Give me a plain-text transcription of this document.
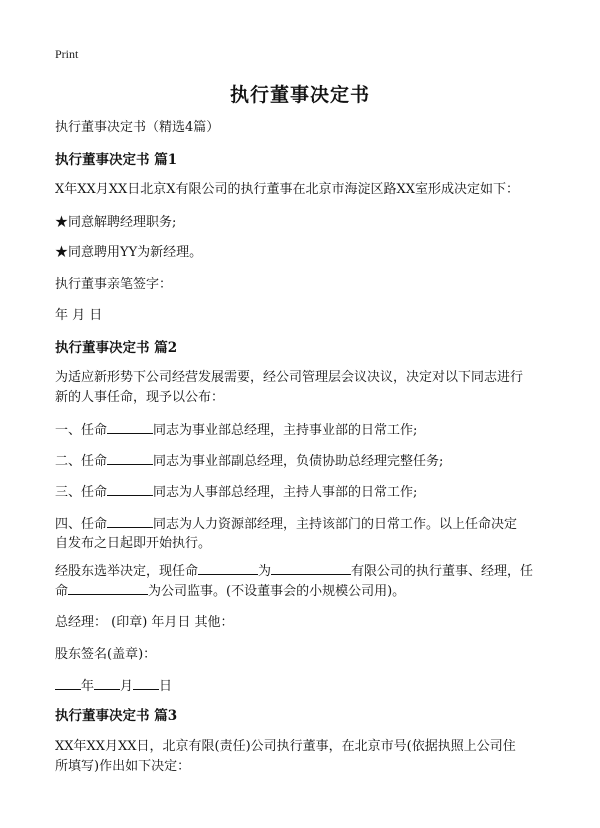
Print
执行董事决定书
执行董事决定书（精选4篇）
执行董事决定书 篇1
X年XX月XX日北京X有限公司的执行董事在北京市海淀区路XX室形成决定如下：
★同意解聘经理职务;
★同意聘用YY为新经理。
执行董事亲笔签字：
年 月 日
执行董事决定书 篇2
为适应新形势下公司经营发展需要，经公司管理层会议决议，决定对以下同志进行
新的人事任命，现予以公布：
一、任命	同志为事业部总经理，主持事业部的日常工作;
二、任命	同志为事业部副总经理，负债协助总经理完整任务;
三、任命	同志为人事部总经理，主持人事部的日常工作;
四、任命	同志为人力资源部经理，主持该部门的日常工作。以上任命决定
自发布之日起即开始执行。
经股东选举决定，现任命	为	有限公司的执行董事、经理，任
命	为公司监事。(不设董事会的小规模公司用)。
总经理： (印章) 年月日 其他：
股东签名(盖章)：
年 月 日
执行董事决定书 篇3
XX年XX月XX日，北京有限(责任)公司执行董事，在北京市号(依据执照上公司住
所填写)作出如下决定：
